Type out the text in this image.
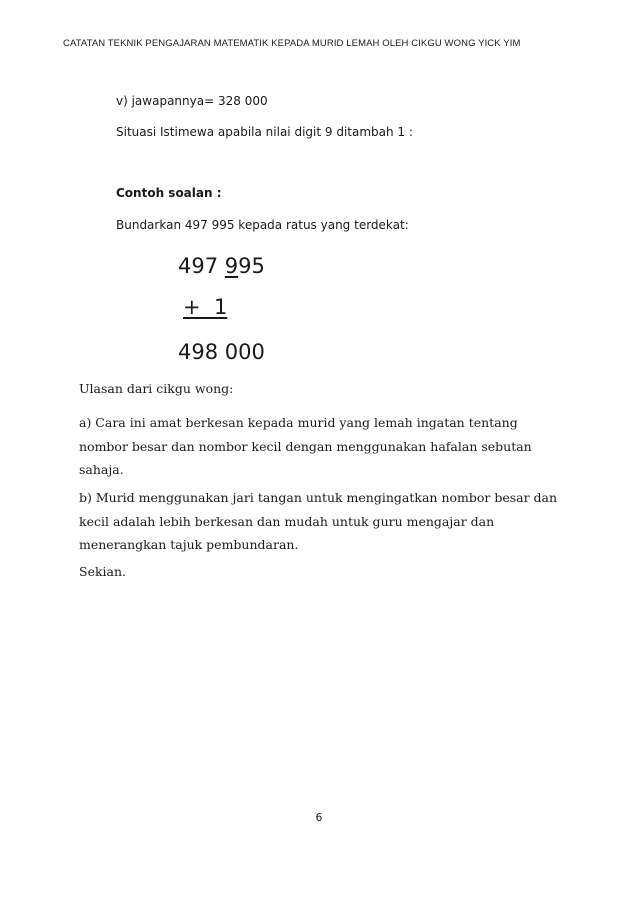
CATATAN TEKNIK PENGAJARAN MATEMATIK KEPADA MURID LEMAH OLEH CIKGU WONG YICK YIM
v) jawapannya= 328 000
Situasi Istimewa apabila nilai digit 9 ditambah 1 :
Contoh soalan :
Bundarkan 497 995 kepada ratus yang terdekat:
497 995
+  1
498 000
Ulasan dari cikgu wong:
a) Cara ini amat berkesan kepada murid yang lemah ingatan tentang nombor besar dan nombor kecil dengan menggunakan hafalan sebutan sahaja.
b) Murid menggunakan jari tangan untuk mengingatkan nombor besar dan kecil adalah lebih berkesan dan mudah untuk guru mengajar dan menerangkan tajuk pembundaran.
Sekian.
6
